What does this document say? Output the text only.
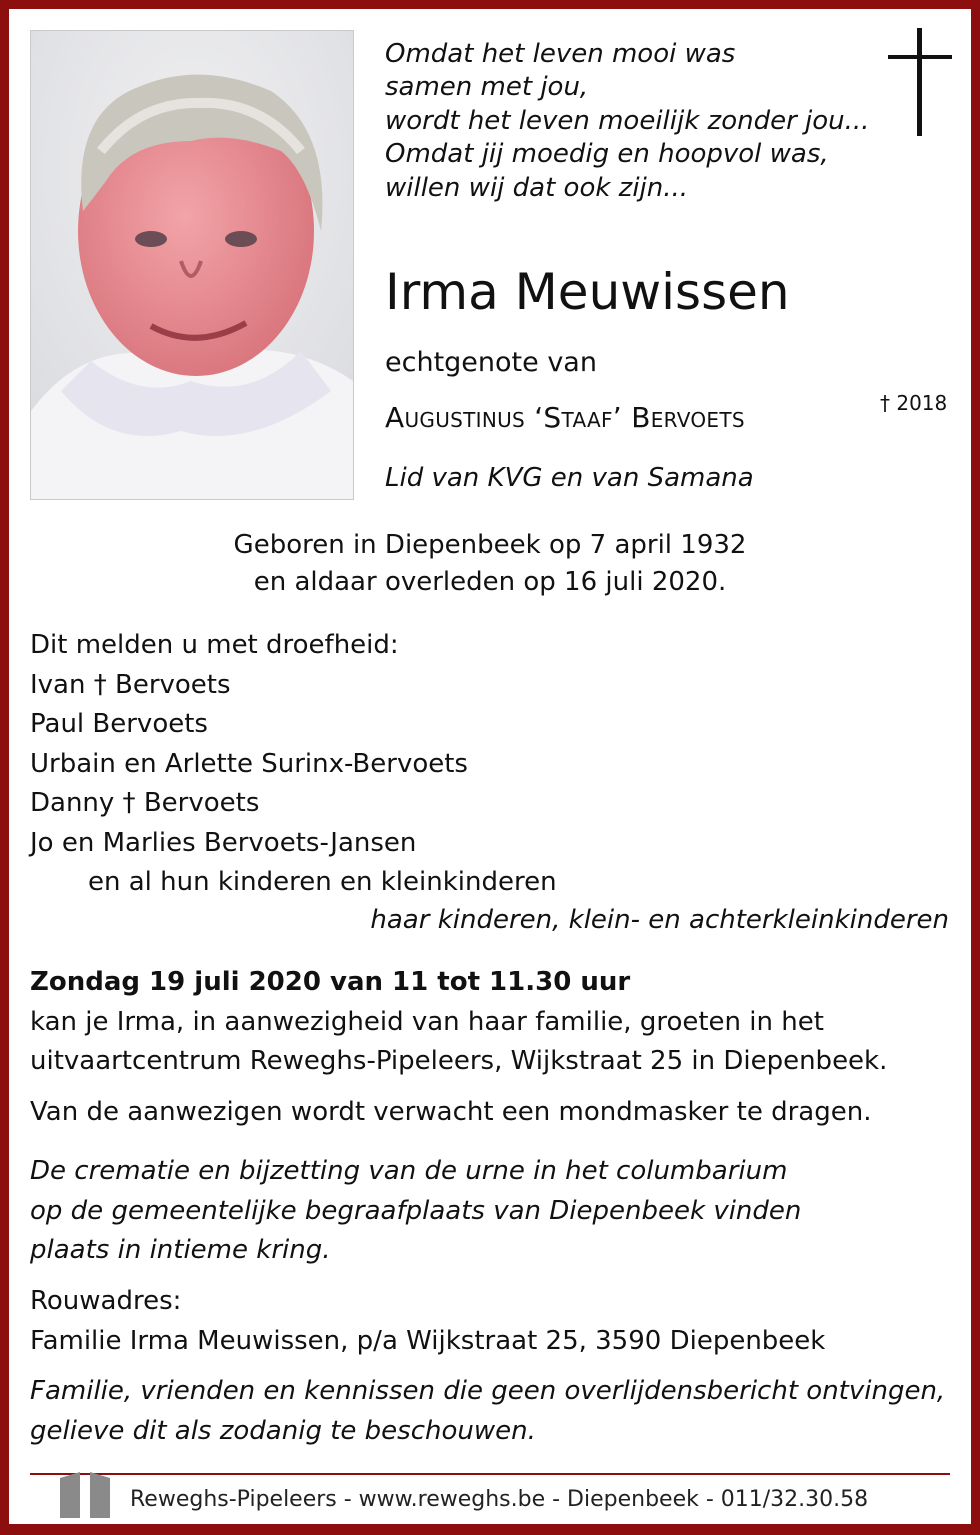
Omdat het leven mooi was
samen met jou,
wordt het leven moeilijk zonder jou...
Omdat jij moedig en hoopvol was,
willen wij dat ook zijn...
Irma Meuwissen
echtgenote van
Augustinus ‘Staaf’ Bervoets	† 2018
Lid van KVG en van Samana
Geboren in Diepenbeek op 7 april 1932
en aldaar overleden op 16 juli 2020.
Dit melden u met droefheid:
Ivan † Bervoets
Paul Bervoets
Urbain en Arlette Surinx-Bervoets
Danny † Bervoets
Jo en Marlies Bervoets-Jansen
en al hun kinderen en kleinkinderen
haar kinderen, klein- en achterkleinkinderen
Zondag 19 juli 2020 van 11 tot 11.30 uur
kan je Irma, in aanwezigheid van haar familie, groeten in het
uitvaartcentrum Reweghs-Pipeleers, Wijkstraat 25 in Diepenbeek.
Van de aanwezigen wordt verwacht een mondmasker te dragen.
De crematie en bijzetting van de urne in het columbarium
op de gemeentelijke begraafplaats van Diepenbeek vinden
plaats in intieme kring.
Rouwadres:
Familie Irma Meuwissen, p/a Wijkstraat 25, 3590 Diepenbeek
Familie, vrienden en kennissen die geen overlijdensbericht ontvingen,
gelieve dit als zodanig te beschouwen.
Reweghs-Pipeleers - www.reweghs.be - Diepenbeek - 011/32.30.58
